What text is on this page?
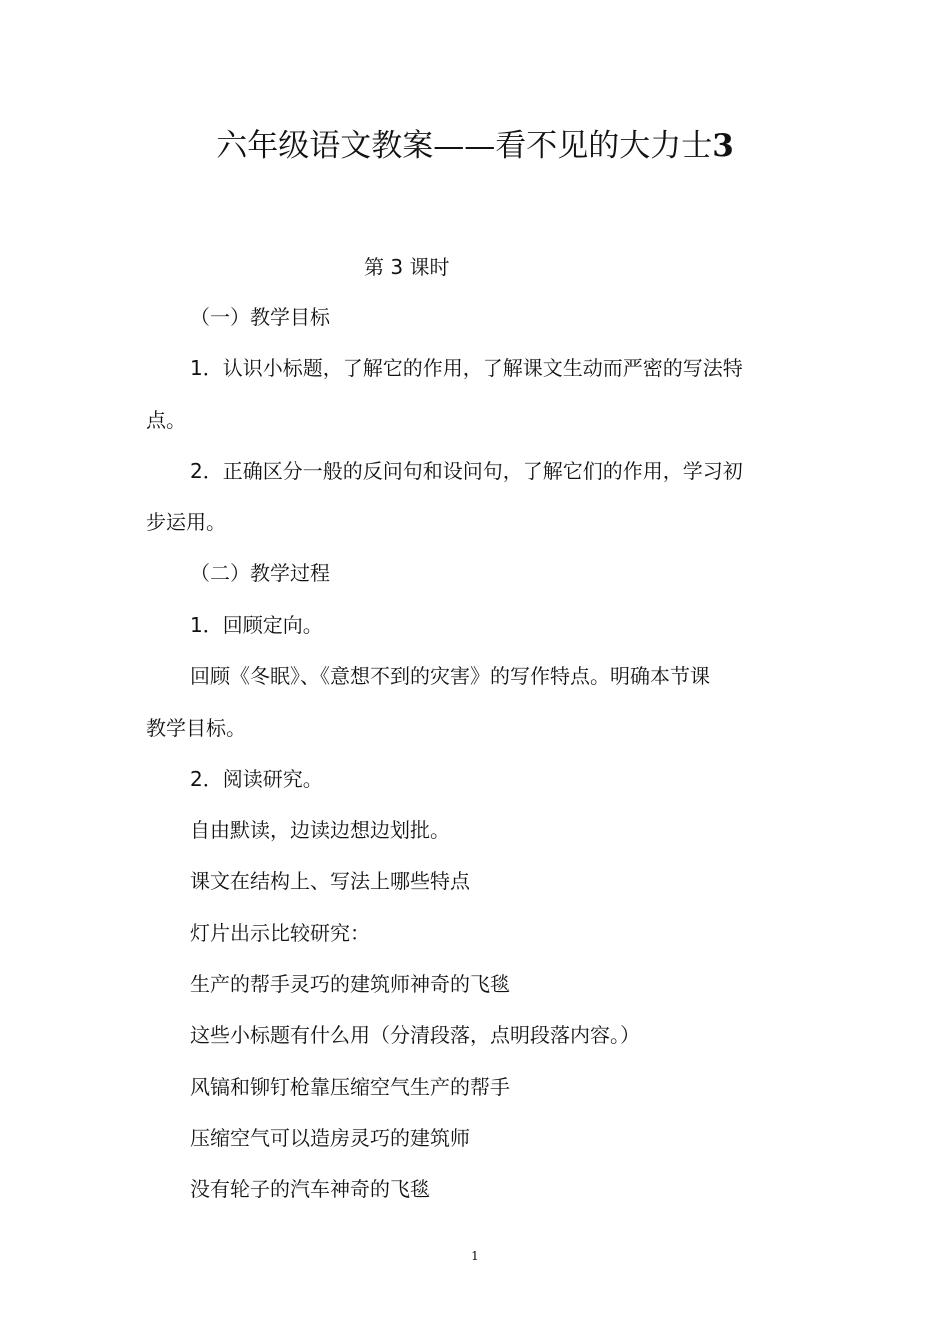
六年级语文教案——看不见的大力士3

第 3 课时

（一）教学目标

1．认识小标题，了解它的作用，了解课文生动而严密的写法特

点。

2．正确区分一般的反问句和设问句，了解它们的作用，学习初

步运用。

（二）教学过程

1．回顾定向。

回顾《冬眠》、《意想不到的灾害》的写作特点。明确本节课

教学目标。

2．阅读研究。

自由默读，边读边想边划批。

课文在结构上、写法上哪些特点

灯片出示比较研究：

生产的帮手灵巧的建筑师神奇的飞毯

这些小标题有什么用（分清段落，点明段落内容。）

风镐和铆钉枪靠压缩空气生产的帮手

压缩空气可以造房灵巧的建筑师

没有轮子的汽车神奇的飞毯

1
